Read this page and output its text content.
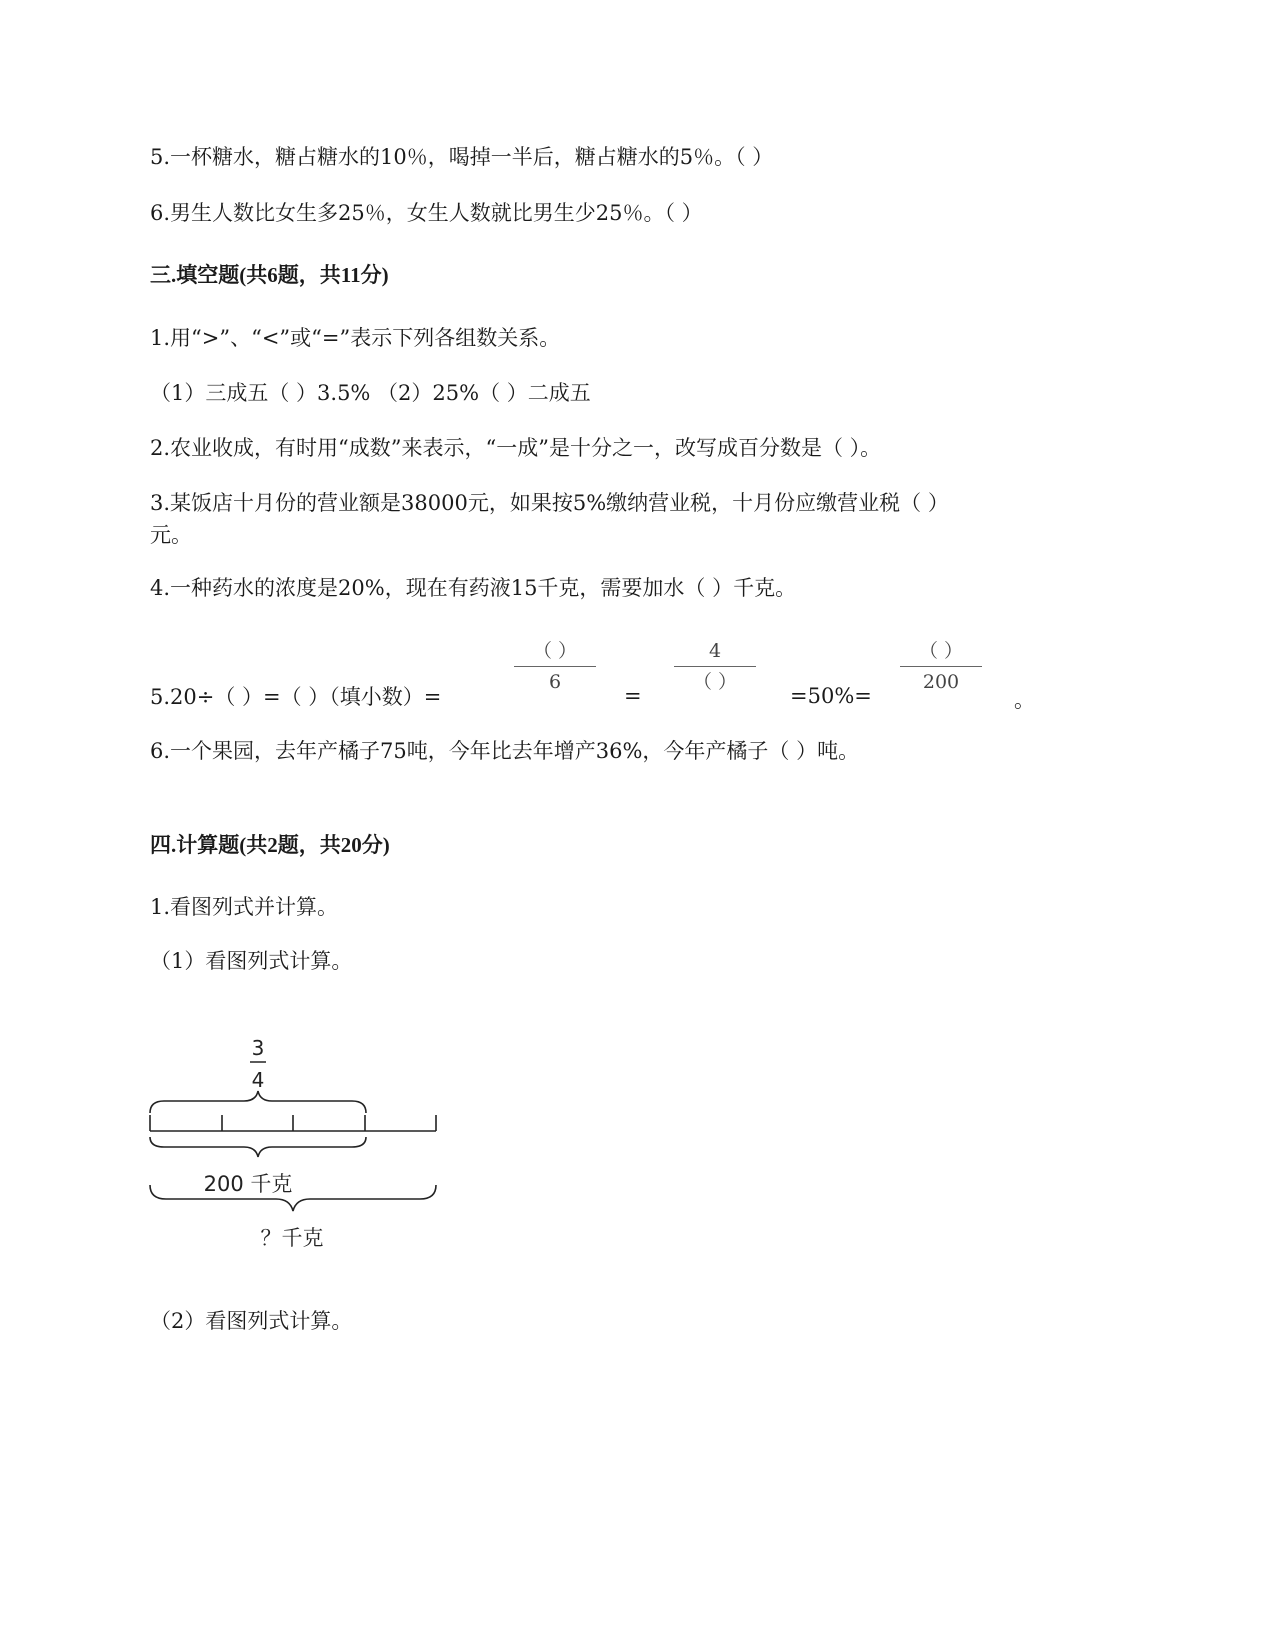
5.一杯糖水，糖占糖水的10％，喝掉一半后，糖占糖水的5％。（ ）
6.男生人数比女生多25％，女生人数就比男生少25％。（ ）
三.填空题(共6题，共11分)
1.用“>”、“<”或“=”表示下列各组数关系。
（1）三成五（ ）3.5% （2）25%（ ）二成五
2.农业收成，有时用“成数”来表示，“一成”是十分之一，改写成百分数是（ ）。
3.某饭店十月份的营业额是38000元，如果按5%缴纳营业税，十月份应缴营业税（ ）
元。
4.一种药水的浓度是20%，现在有药液15千克，需要加水（ ）千克。
5.20÷（ ）=（ ）（填小数）=
（ ）
6
=
4
（ ）
=50%=
（ ）
200
。
6.一个果园，去年产橘子75吨，今年比去年增产36%，今年产橘子（ ）吨。
四.计算题(共2题，共20分)
1.看图列式并计算。
（1）看图列式计算。
3
4
200 千克
？千克
（2）看图列式计算。
